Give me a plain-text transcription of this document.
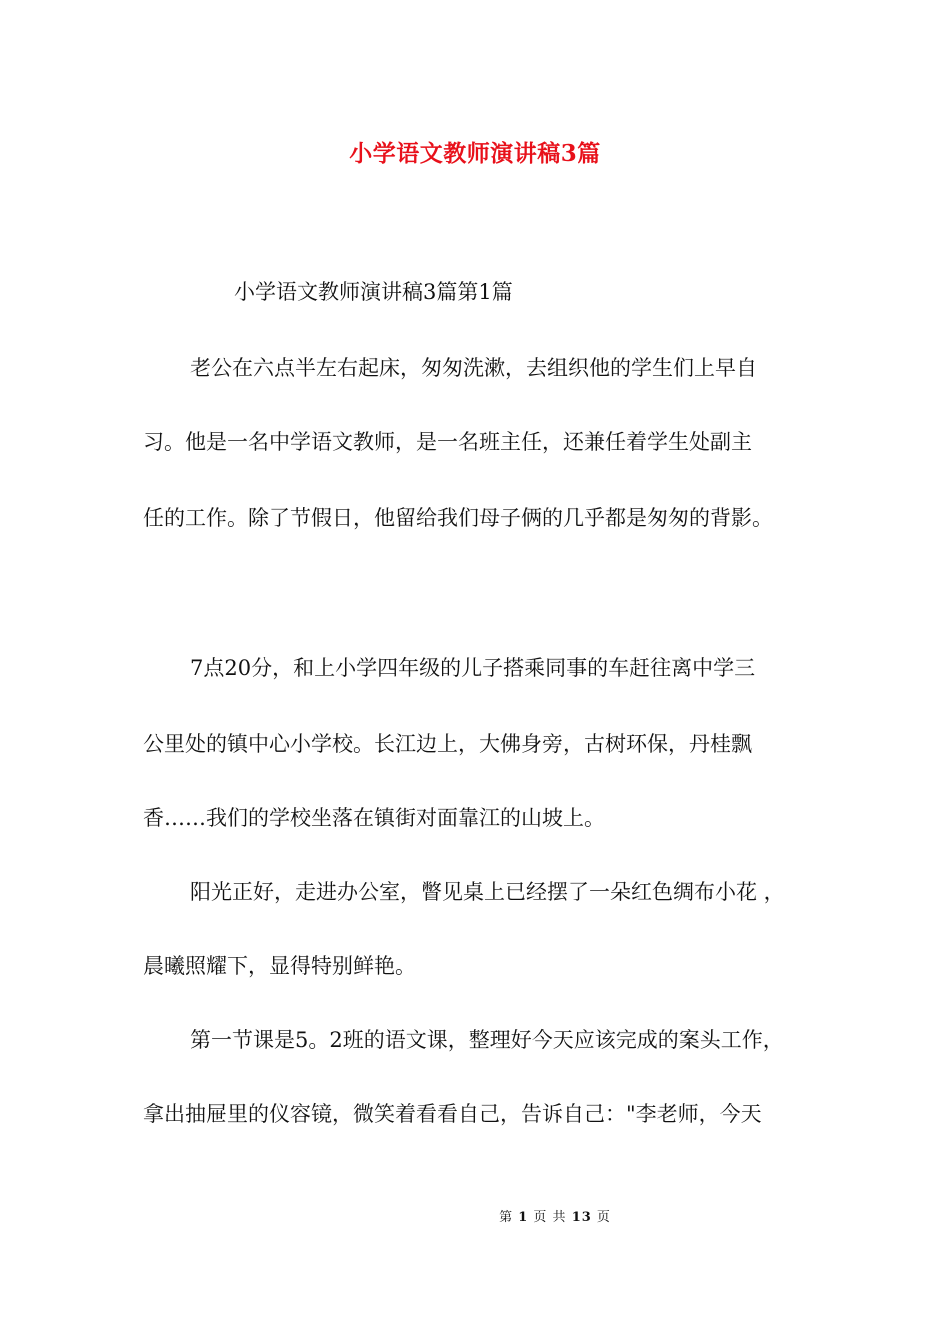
小学语文教师演讲稿3篇
小学语文教师演讲稿3篇第1篇
老公在六点半左右起床，匆匆洗漱，去组织他的学生们上早自
习。他是一名中学语文教师，是一名班主任，还兼任着学生处副主
任的工作。除了节假日，他留给我们母子俩的几乎都是匆匆的背影。
7点20分，和上小学四年级的儿子搭乘同事的车赶往离中学三
公里处的镇中心小学校。长江边上，大佛身旁，古树环保，丹桂飘
香……我们的学校坐落在镇街对面靠江的山坡上。
阳光正好，走进办公室，瞥见桌上已经摆了一朵红色绸布小花 ，
晨曦照耀下，显得特别鲜艳。
第一节课是5。2班的语文课，整理好今天应该完成的案头工作，
拿出抽屉里的仪容镜，微笑着看看自己，告诉自己："李老师，今天
第 1 页 共 13 页
